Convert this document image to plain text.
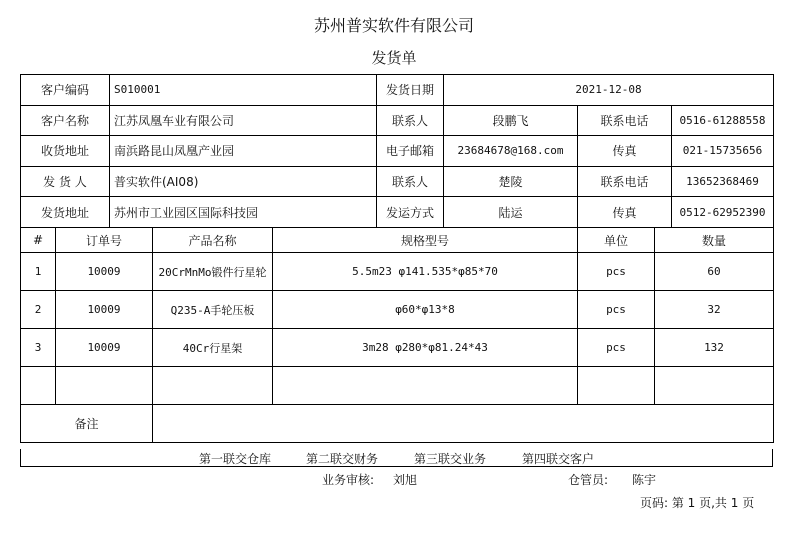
苏州普实软件有限公司
发货单
客户编码	S010001	发货日期	2021-12-08		
客户名称	江苏凤凰车业有限公司	联系人	段鹏飞	联系电话	0516-61288558
收货地址	南浜路昆山凤凰产业园	电子邮箱	23684678@168.com	传真	021-15735656
发 货 人	普实软件(AI08)	联系人	楚陵	联系电话	13652368469
发货地址	苏州市工业园区国际科技园	发运方式	陆运	传真	0512-62952390
#	订单号	产品名称	规格型号	单位	数量
1	10009	20CrMnMo锻件行星轮	5.5m23 φ141.535*φ85*70	pcs	60
2	10009	Q235-A手轮压板	φ60*φ13*8	pcs	32
3	10009	40Cr行星架	3m28 φ280*φ81.24*43	pcs	132

备注					
第一联交仓库	第二联交财务	第三联交业务	第四联交客户
业务审核: 刘旭	仓管员: 陈宇
页码: 第 1 页,共 1 页
